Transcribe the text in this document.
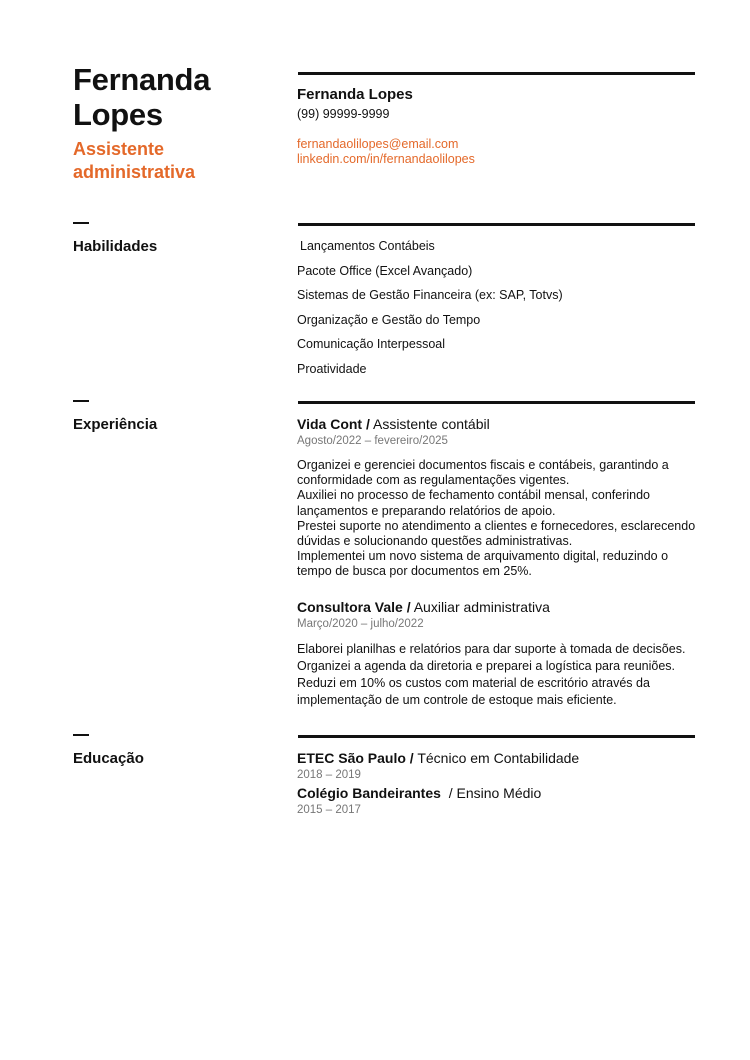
Fernanda
Lopes
Assistente
administrativa
Fernanda Lopes
(99) 99999-9999
fernandaolilopes@email.com
linkedin.com/in/fernandaolilopes
Habilidades	Lançamentos Contábeis
Pacote Office (Excel Avançado)
Sistemas de Gestão Financeira (ex: SAP, Totvs)
Organização e Gestão do Tempo
Comunicação Interpessoal
Proatividade
Experiência	Vida Cont / Assistente contábil
Agosto/2022 – fevereiro/2025
Organizei e gerenciei documentos fiscais e contábeis, garantindo a
conformidade com as regulamentações vigentes.
Auxiliei no processo de fechamento contábil mensal, conferindo
lançamentos e preparando relatórios de apoio.
Prestei suporte no atendimento a clientes e fornecedores, esclarecendo
dúvidas e solucionando questões administrativas.
Implementei um novo sistema de arquivamento digital, reduzindo o
tempo de busca por documentos em 25%.
Consultora Vale / Auxiliar administrativa
Março/2020 – julho/2022
Elaborei planilhas e relatórios para dar suporte à tomada de decisões.
Organizei a agenda da diretoria e preparei a logística para reuniões.
Reduzi em 10% os custos com material de escritório através da
implementação de um controle de estoque mais eficiente.
Educação	ETEC São Paulo / Técnico em Contabilidade
2018 – 2019
Colégio Bandeirantes  / Ensino Médio
2015 – 2017
